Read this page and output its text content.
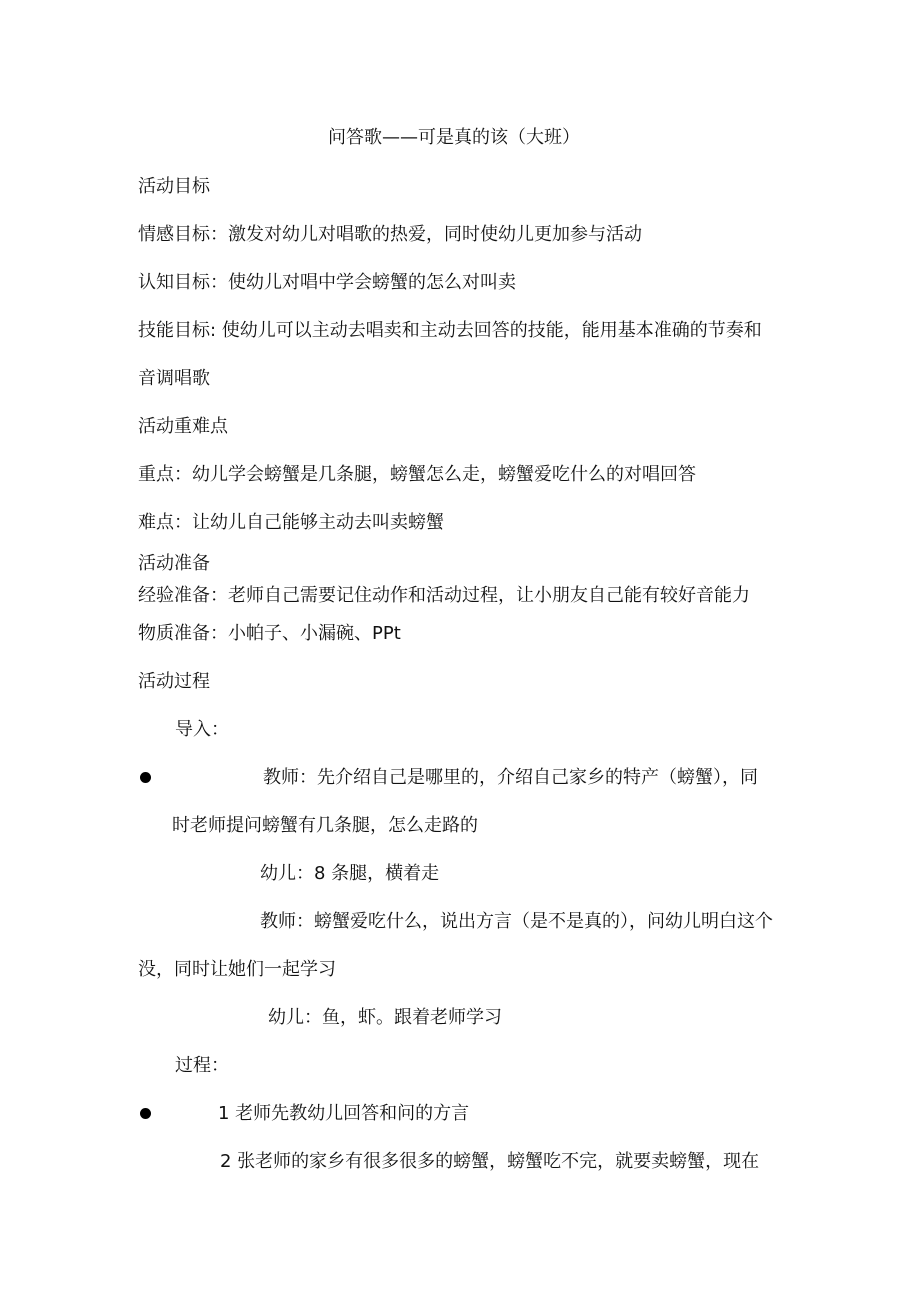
问答歌——可是真的该（大班）
活动目标
情感目标：激发对幼儿对唱歌的热爱，同时使幼儿更加参与活动
认知目标：使幼儿对唱中学会螃蟹的怎么对叫卖
技能目标: 使幼儿可以主动去唱卖和主动去回答的技能，能用基本准确的节奏和
音调唱歌
活动重难点
重点：幼儿学会螃蟹是几条腿，螃蟹怎么走，螃蟹爱吃什么的对唱回答
难点：让幼儿自己能够主动去叫卖螃蟹
活动准备
经验准备：老师自己需要记住动作和活动过程，让小朋友自己能有较好音能力
物质准备：小帕子、小漏碗、PPt
活动过程
导入：
教师：先介绍自己是哪里的，介绍自己家乡的特产（螃蟹），同
时老师提问螃蟹有几条腿，怎么走路的
幼儿：8 条腿，横着走
教师：螃蟹爱吃什么，说出方言（是不是真的），问幼儿明白这个
没，同时让她们一起学习
幼儿：鱼，虾。跟着老师学习
过程：
1 老师先教幼儿回答和问的方言
2 张老师的家乡有很多很多的螃蟹，螃蟹吃不完，就要卖螃蟹，现在
